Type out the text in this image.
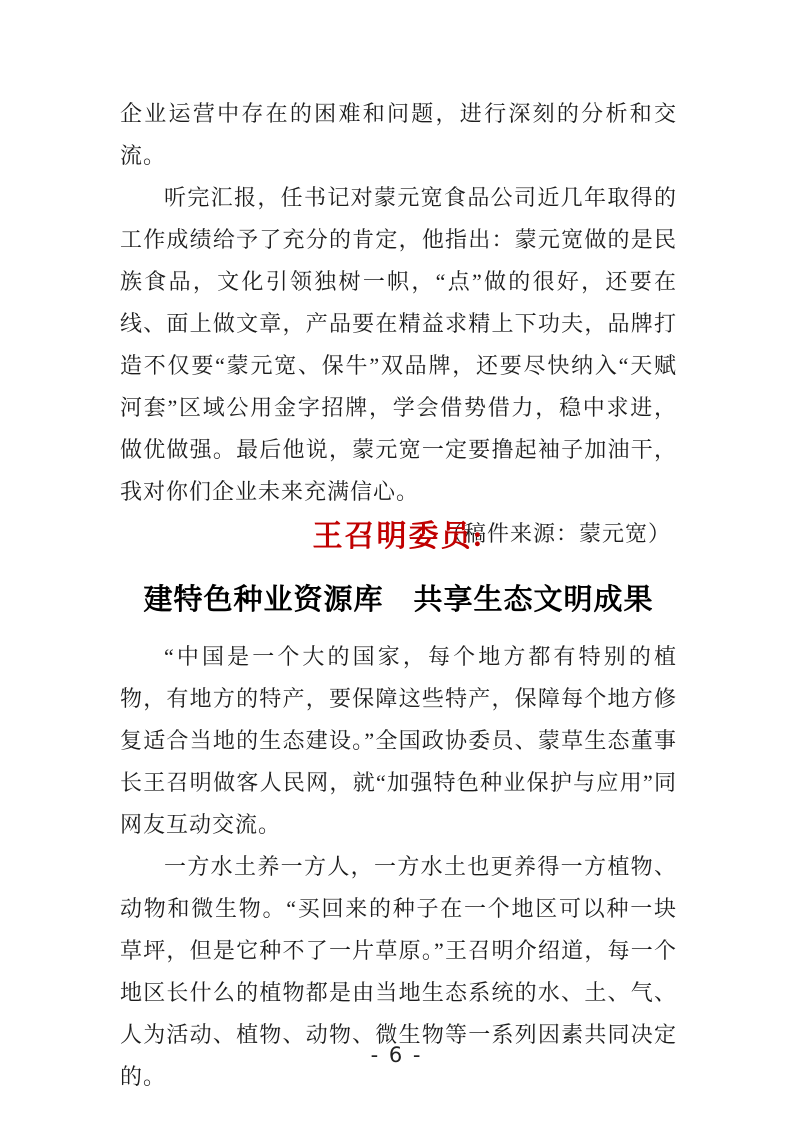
企业运营中存在的困难和问题，进行深刻的分析和交流。

听完汇报，任书记对蒙元宽食品公司近几年取得的工作成绩给予了充分的肯定，他指出：蒙元宽做的是民族食品，文化引领独树一帜，“点”做的很好，还要在线、面上做文章，产品要在精益求精上下功夫，品牌打造不仅要“蒙元宽、保牛”双品牌，还要尽快纳入“天赋河套”区域公用金字招牌，学会借势借力，稳中求进，做优做强。最后他说，蒙元宽一定要撸起袖子加油干，我对你们企业未来充满信心。

（稿件来源：蒙元宽）

王召明委员:
建特色种业资源库　共享生态文明成果

“中国是一个大的国家，每个地方都有特别的植物，有地方的特产，要保障这些特产，保障每个地方修复适合当地的生态建设。”全国政协委员、蒙草生态董事长王召明做客人民网，就“加强特色种业保护与应用”同网友互动交流。

一方水土养一方人，一方水土也更养得一方植物、动物和微生物。“买回来的种子在一个地区可以种一块草坪，但是它种不了一片草原。”王召明介绍道，每一个地区长什么的植物都是由当地生态系统的水、土、气、人为活动、植物、动物、微生物等一系列因素共同决定的。

- 6 -
